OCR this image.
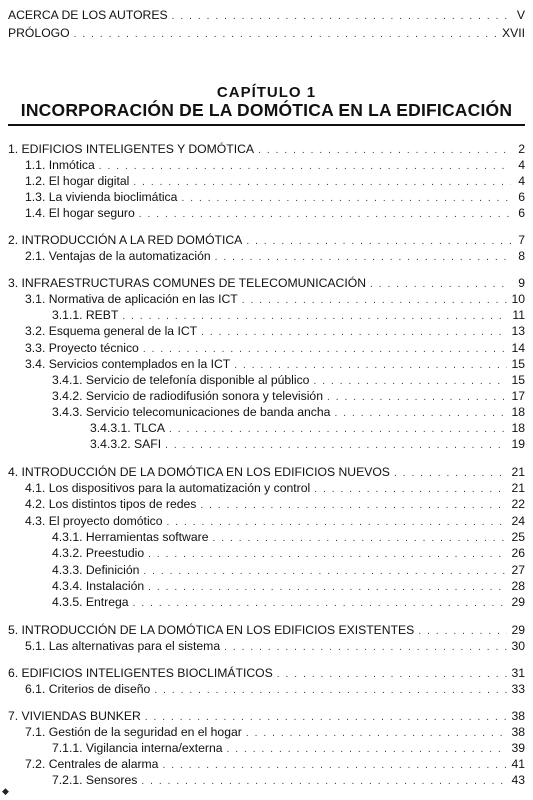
ACERCA DE LOS AUTORES . . .	V
PRÓLOGO . . .	XVII
CAPÍTULO 1
INCORPORACIÓN DE LA DOMÓTICA EN LA EDIFICACIÓN
1. EDIFICIOS INTELIGENTES Y DOMÓTICA . . .	2
1.1. Inmótica . . .	4
1.2. El hogar digital . . .	4
1.3. La vivienda bioclimática . . .	6
1.4. El hogar seguro . . .	6
2. INTRODUCCIÓN A LA RED DOMÓTICA . . .	7
2.1. Ventajas de la automatización . . .	8
3. INFRAESTRUCTURAS COMUNES DE TELECOMUNICACIÓN . . .	9
3.1. Normativa de aplicación en las ICT . . .	10
3.1.1. REBT . . .	11
3.2. Esquema general de la ICT . . .	13
3.3. Proyecto técnico . . .	14
3.4. Servicios contemplados en la ICT . . .	15
3.4.1. Servicio de telefonía disponible al público . . .	15
3.4.2. Servicio de radiodifusión sonora y televisión . . .	17
3.4.3. Servicio telecomunicaciones de banda ancha . . .	18
3.4.3.1. TLCA . . .	18
3.4.3.2. SAFI . . .	19
4. INTRODUCCIÓN DE LA DOMÓTICA EN LOS EDIFICIOS NUEVOS . . .	21
4.1. Los dispositivos para la automatización y control . . .	21
4.2. Los distintos tipos de redes . . .	22
4.3. El proyecto domótico . . .	24
4.3.1. Herramientas software . . .	25
4.3.2. Preestudio . . .	26
4.3.3. Definición . . .	27
4.3.4. Instalación . . .	28
4.3.5. Entrega . . .	29
5. INTRODUCCIÓN DE LA DOMÓTICA EN LOS EDIFICIOS EXISTENTES . . .	29
5.1. Las alternativas para el sistema . . .	30
6. EDIFICIOS INTELIGENTES BIOCLIMÁTICOS . . .	31
6.1. Criterios de diseño . . .	33
7. VIVIENDAS BUNKER . . .	38
7.1. Gestión de la seguridad en el hogar . . .	38
7.1.1. Vigilancia interna/externa . . .	39
7.2. Centrales de alarma . . .	41
7.2.1. Sensores . . .	43
◆
